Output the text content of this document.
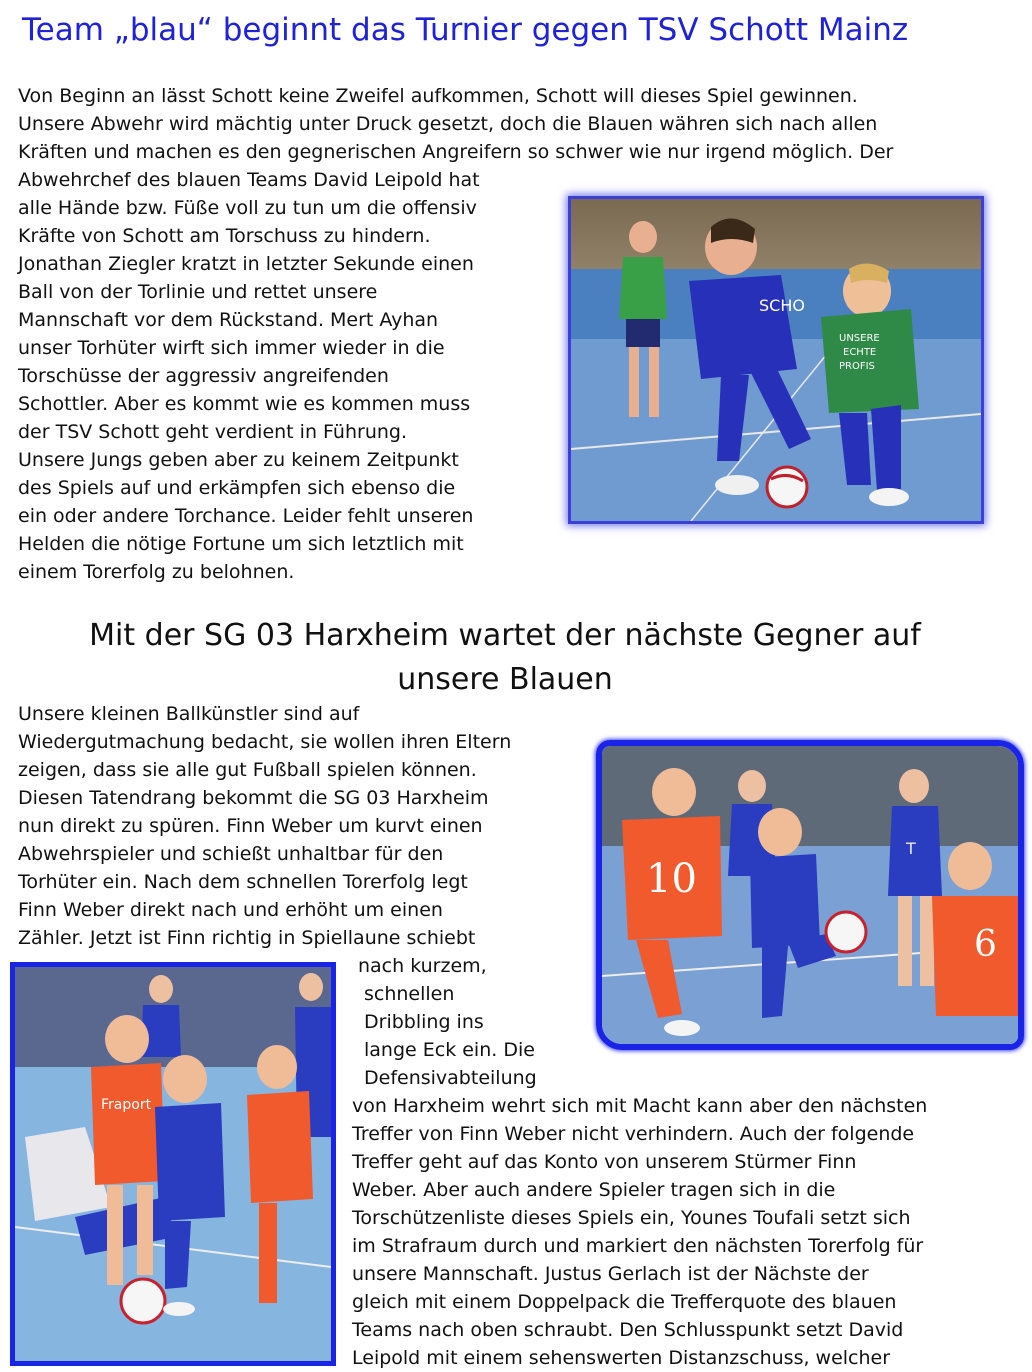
Team „blau“ beginnt das Turnier gegen TSV Schott Mainz

Von Beginn an lässt Schott keine Zweifel aufkommen, Schott will dieses Spiel gewinnen.

Unsere Abwehr wird mächtig unter Druck gesetzt, doch die Blauen währen sich nach allen

Kräften und machen es den gegnerischen Angreifern so schwer wie nur irgend möglich. Der

Abwehrchef des blauen Teams David Leipold hat

alle Hände bzw. Füße voll zu tun um die offensiv

Kräfte von Schott am Torschuss zu hindern.

Jonathan Ziegler kratzt in letzter Sekunde einen

Ball von der Torlinie und rettet unsere

Mannschaft vor dem Rückstand. Mert Ayhan

unser Torhüter wirft sich immer wieder in die

Torschüsse der aggressiv angreifenden

Schottler. Aber es kommt wie es kommen muss

der TSV Schott geht verdient in Führung.

Unsere Jungs geben aber zu keinem Zeitpunkt

des Spiels auf und erkämpfen sich ebenso die

ein oder andere Torchance. Leider fehlt unseren

Helden die nötige Fortune um sich letztlich mit

einem Torerfolg zu belohnen.

SCHO
UNSERE
ECHTE
PROFIS
Mit der SG 03 Harxheim wartet der nächste Gegner auf
unsere Blauen

Unsere kleinen Ballkünstler sind auf

Wiedergutmachung bedacht, sie wollen ihren Eltern

zeigen, dass sie alle gut Fußball spielen können.

Diesen Tatendrang bekommt die SG 03 Harxheim

nun direkt zu spüren. Finn Weber um kurvt einen

Abwehrspieler und schießt unhaltbar für den

Torhüter ein. Nach dem schnellen Torerfolg legt

Finn Weber direkt nach und erhöht um einen

Zähler. Jetzt ist Finn richtig in Spiellaune schiebt

nach kurzem,

schnellen

Dribbling ins

lange Eck ein. Die

Defensivabteilung

von Harxheim wehrt sich mit Macht kann aber den nächsten

Treffer von Finn Weber nicht verhindern. Auch der folgende

Treffer geht auf das Konto von unserem Stürmer Finn

Weber. Aber auch andere Spieler tragen sich in die

Torschützenliste dieses Spiels ein, Younes Toufali setzt sich

im Strafraum durch und markiert den nächsten Torerfolg für

unsere Mannschaft. Justus Gerlach ist der Nächste der

gleich mit einem Doppelpack die Trefferquote des blauen

Teams nach oben schraubt. Den Schlusspunkt setzt David

Leipold mit einem sehenswerten Distanzschuss, welcher

T
10
6
Fraport
